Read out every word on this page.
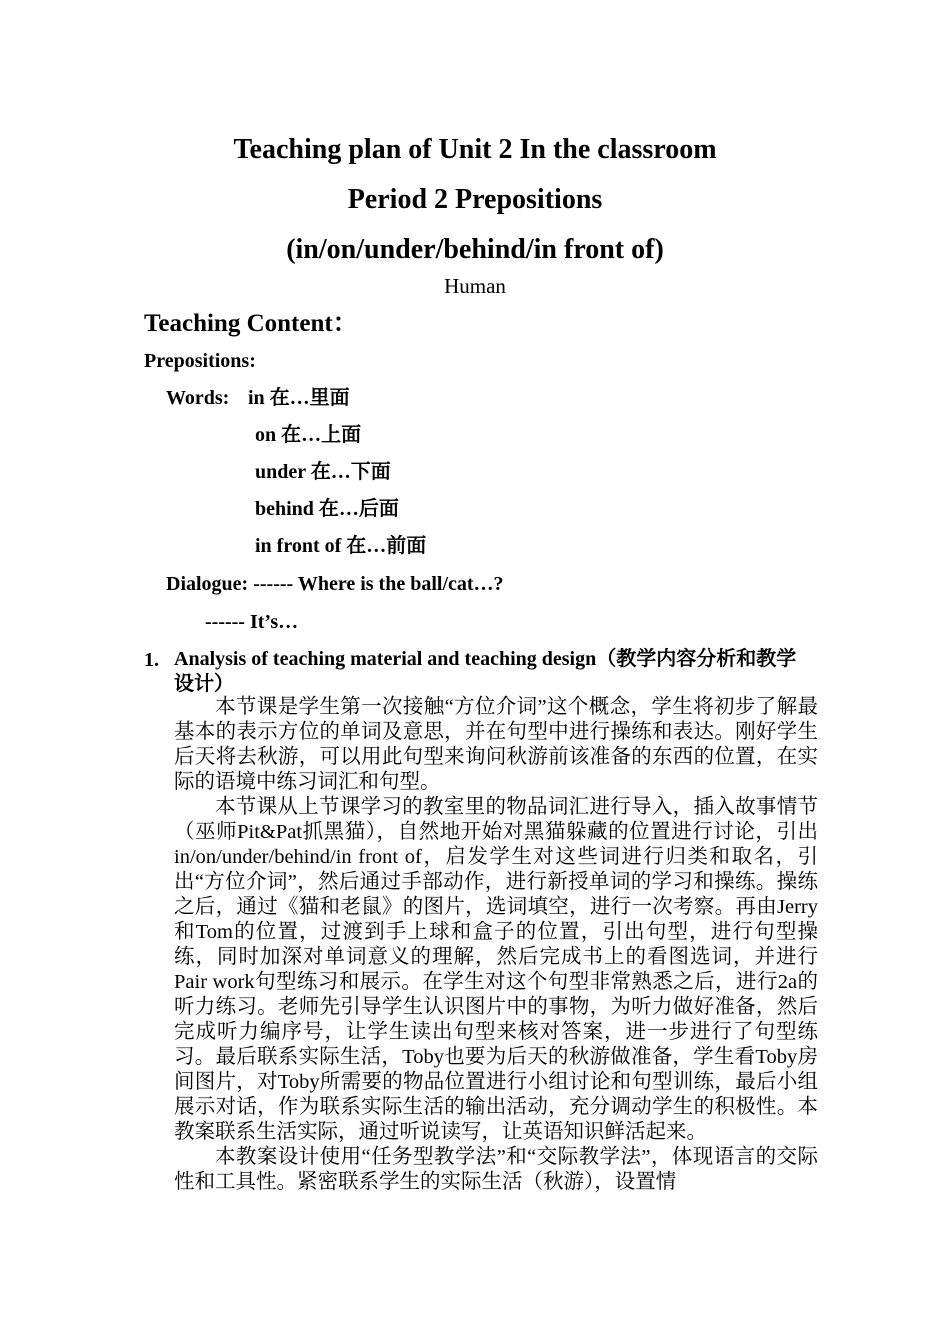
Teaching plan of Unit 2 In the classroom
Period 2 Prepositions
(in/on/under/behind/in front of)
Human
Teaching Content：
Prepositions:
Words: in 在…里面
on 在…上面
under 在…下面
behind 在…后面
in front of 在…前面
Dialogue: ------ Where is the ball/cat…?
------ It’s…
1. Analysis of teaching material and teaching design（教学内容分析和教学设计）

本节课是学生第一次接触“方位介词”这个概念，学生将初步了解最基本的表示方位的单词及意思，并在句型中进行操练和表达。刚好学生后天将去秋游，可以用此句型来询问秋游前该准备的东西的位置，在实际的语境中练习词汇和句型。

本节课从上节课学习的教室里的物品词汇进行导入，插入故事情节（巫师Pit&Pat抓黑猫），自然地开始对黑猫躲藏的位置进行讨论，引出in/on/under/behind/in front of，启发学生对这些词进行归类和取名，引出“方位介词”，然后通过手部动作，进行新授单词的学习和操练。操练之后，通过《猫和老鼠》的图片，选词填空，进行一次考察。再由Jerry和Tom的位置，过渡到手上球和盒子的位置，引出句型，进行句型操练，同时加深对单词意义的理解，然后完成书上的看图选词，并进行Pair work句型练习和展示。在学生对这个句型非常熟悉之后，进行2a的听力练习。老师先引导学生认识图片中的事物，为听力做好准备，然后完成听力编序号，让学生读出句型来核对答案，进一步进行了句型练习。最后联系实际生活，Toby也要为后天的秋游做准备，学生看Toby房间图片，对Toby所需要的物品位置进行小组讨论和句型训练，最后小组展示对话，作为联系实际生活的输出活动，充分调动学生的积极性。本教案联系生活实际，通过听说读写，让英语知识鲜活起来。

本教案设计使用“任务型教学法”和“交际教学法”，体现语言的交际性和工具性。紧密联系学生的实际生活（秋游），设置情
